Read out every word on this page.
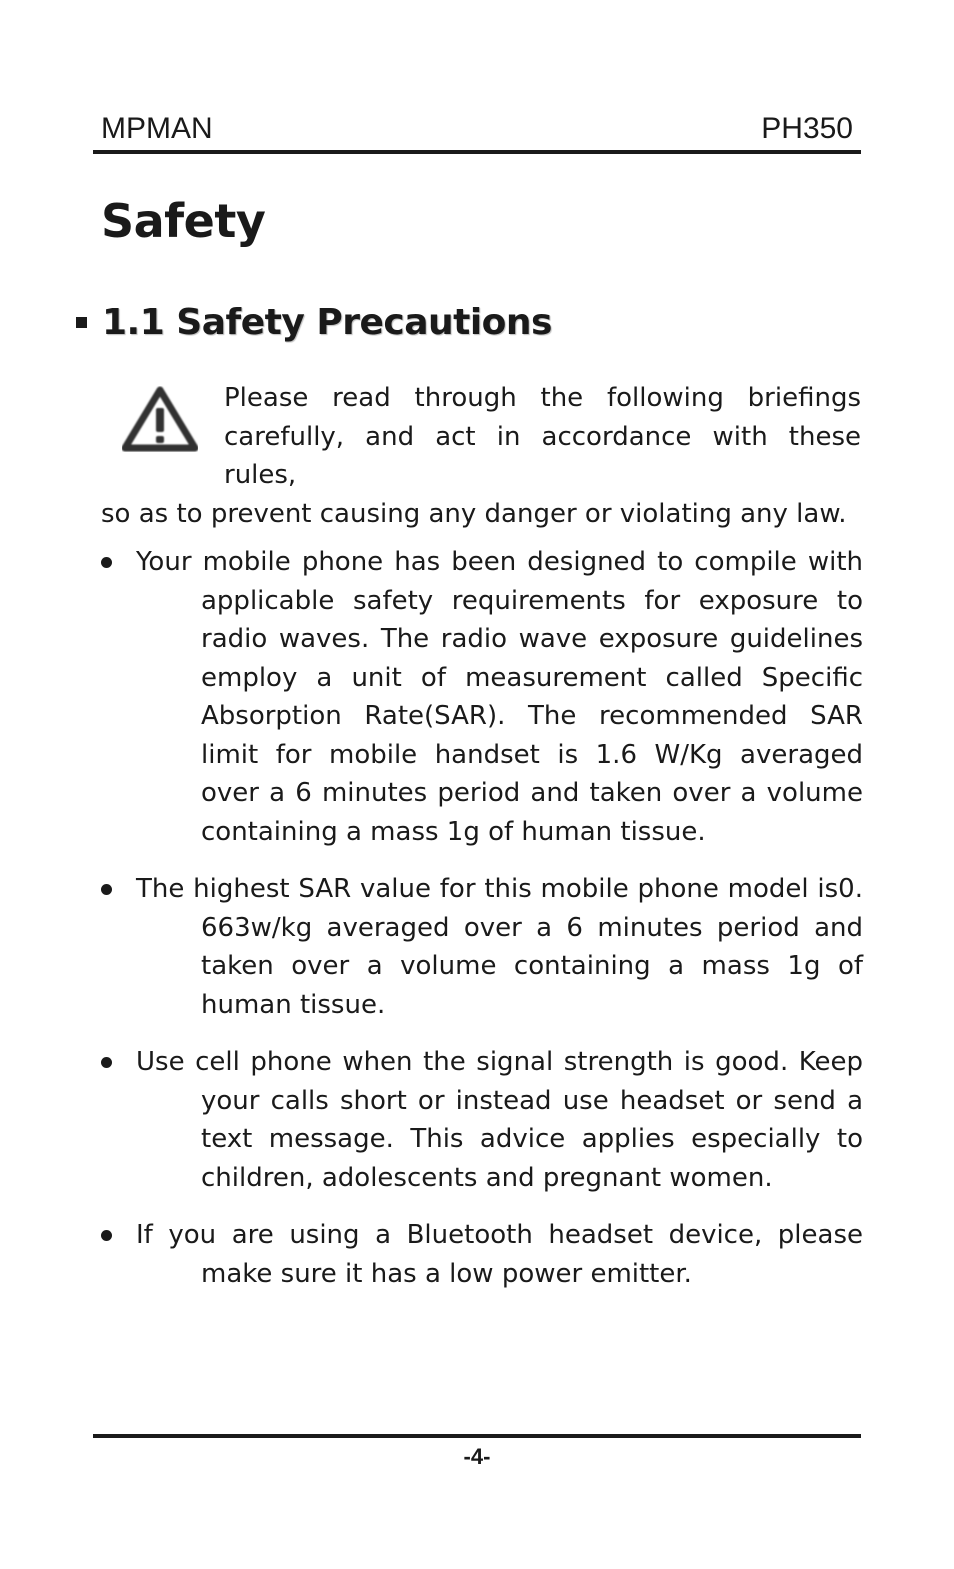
MPMAN	PH350
Safety
1.1 Safety Precautions
Please read through the following briefings
carefully, and act in accordance with these rules,
so as to prevent causing any danger or violating any law.
Your mobile phone has been designed to compile with applicable safety requirements for exposure to radio waves. The radio wave exposure guidelines employ a unit of measurement called Specific Absorption Rate(SAR). The recommended SAR limit for mobile handset is 1.6 W/Kg averaged over a 6 minutes period and taken over a volume containing a mass 1g of human tissue.
The highest SAR value for this mobile phone model is0. 663w/kg averaged over a 6 minutes period and taken over a volume containing a mass 1g of human tissue.
Use cell phone when the signal strength is good. Keep your calls short or instead use headset or send a text message. This advice applies especially to children, adolescents and pregnant women.
If you are using a Bluetooth headset device, please make sure it has a low power emitter.
-4-
